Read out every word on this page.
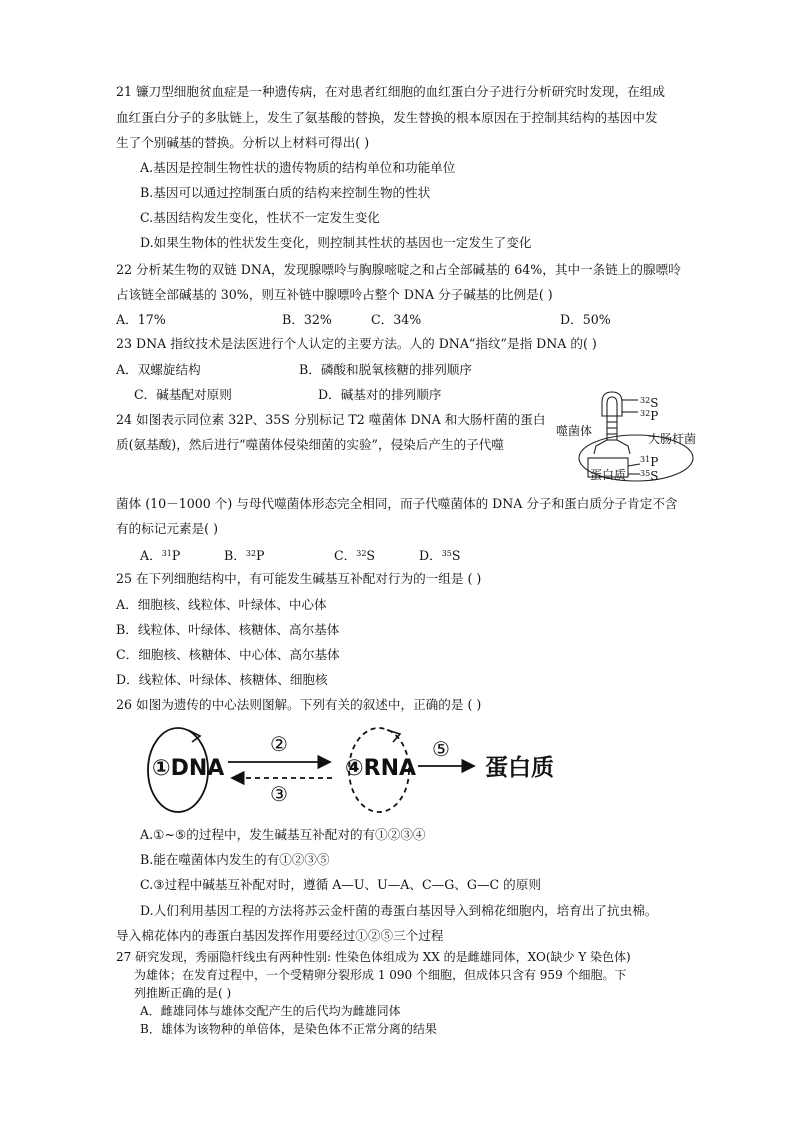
21 镰刀型细胞贫血症是一种遗传病，在对患者红细胞的血红蛋白分子进行分析研究时发现，在组成
血红蛋白分子的多肽链上，发生了氨基酸的替换，发生替换的根本原因在于控制其结构的基因中发
生了个别碱基的替换。分析以上材料可得出( )
A.基因是控制生物性状的遗传物质的结构单位和功能单位
B.基因可以通过控制蛋白质的结构来控制生物的性状
C.基因结构发生变化，性状不一定发生变化
D.如果生物体的性状发生变化，则控制其性状的基因也一定发生了变化
22 分析某生物的双链 DNA，发现腺嘌呤与胸腺嘧啶之和占全部碱基的 64%，其中一条链上的腺嘌呤
占该链全部碱基的 30%，则互补链中腺嘌呤占整个 DNA 分子碱基的比例是( )
A．17%	B．32%	C．34%	D．50%
23 DNA 指纹技术是法医进行个人认定的主要方法。人的 DNA“指纹”是指 DNA 的( )
A．双螺旋结构	B．磷酸和脱氧核糖的排列顺序
C．碱基配对原则	D．碱基对的排列顺序
24 如图表示同位素 32P、35S 分别标记 T2 噬菌体 DNA 和大肠杆菌的蛋白
质(氨基酸)，然后进行“噬菌体侵染细菌的实验”，侵染后产生的子代噬
噬菌体
大肠杆菌
蛋白质
$^{32}$S
$^{32}$P
$^{31}$P
$^{35}$S
菌体 (10－1000 个) 与母代噬菌体形态完全相同，而子代噬菌体的 DNA 分子和蛋白质分子肯定不含
有的标记元素是( )
A．$^{31}$P	B．$^{32}$P	C．$^{32}$S	D．$^{35}$S
25 在下列细胞结构中，有可能发生碱基互补配对行为的一组是 ( )
A．细胞核、线粒体、叶绿体、中心体
B．线粒体、叶绿体、核糖体、高尔基体
C．细胞核、核糖体、中心体、高尔基体
D．线粒体、叶绿体、核糖体、细胞核
26 如图为遗传的中心法则图解。下列有关的叙述中，正确的是 ( )
①DNA	④RNA	蛋白质
②
③
⑤
A.①~⑤的过程中，发生碱基互补配对的有①②③④
B.能在噬菌体内发生的有①②③⑤
C.③过程中碱基互补配对时，遵循 A—U、U—A、C—G、G—C 的原则
D.人们利用基因工程的方法将苏云金杆菌的毒蛋白基因导入到棉花细胞内，培育出了抗虫棉。
导入棉花体内的毒蛋白基因发挥作用要经过①②⑤三个过程
27 研究发现，秀丽隐杆线虫有两种性别: 性染色体组成为 XX 的是雌雄同体，XO(缺少 Y 染色体)
为雄体；在发育过程中，一个受精卵分裂形成 1 090 个细胞，但成体只含有 959 个细胞。下
列推断正确的是( )
A．雌雄同体与雄体交配产生的后代均为雌雄同体
B．雄体为该物种的单倍体，是染色体不正常分离的结果
